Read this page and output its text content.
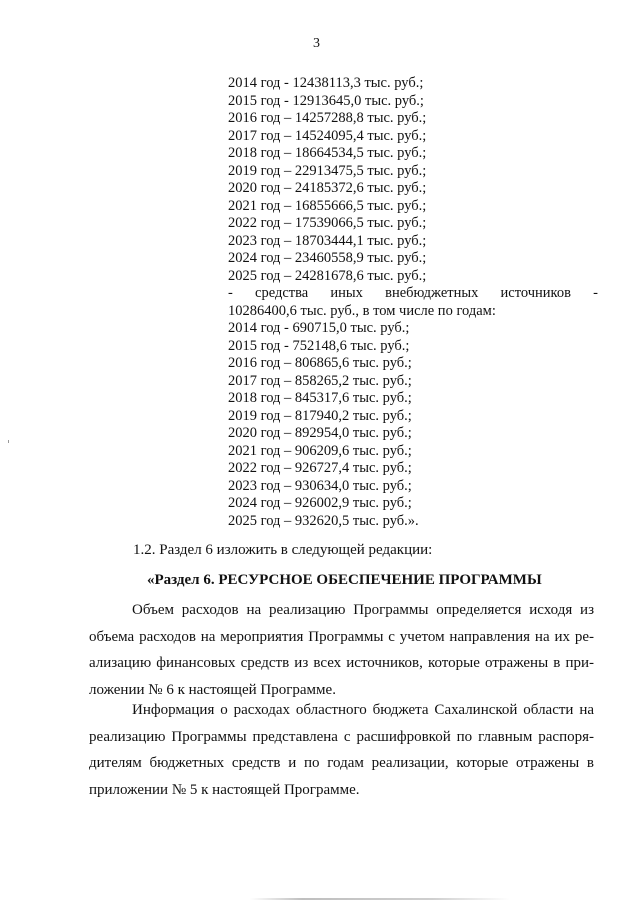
3
2014 год - 12438113,3 тыс. руб.;
2015 год - 12913645,0 тыс. руб.;
2016 год – 14257288,8 тыс. руб.;
2017 год – 14524095,4 тыс. руб.;
2018 год – 18664534,5 тыс. руб.;
2019 год – 22913475,5 тыс. руб.;
2020 год – 24185372,6 тыс. руб.;
2021 год – 16855666,5 тыс. руб.;
2022 год – 17539066,5 тыс. руб.;
2023 год – 18703444,1 тыс. руб.;
2024 год – 23460558,9 тыс. руб.;
2025 год – 24281678,6 тыс. руб.;
- средства иных внебюджетных источников -
10286400,6 тыс. руб., в том числе по годам:
2014 год - 690715,0 тыс. руб.;
2015 год - 752148,6 тыс. руб.;
2016 год – 806865,6 тыс. руб.;
2017 год – 858265,2 тыс. руб.;
2018 год – 845317,6 тыс. руб.;
2019 год – 817940,2 тыс. руб.;
2020 год – 892954,0 тыс. руб.;
2021 год – 906209,6 тыс. руб.;
2022 год – 926727,4 тыс. руб.;
2023 год – 930634,0 тыс. руб.;
2024 год – 926002,9 тыс. руб.;
2025 год – 932620,5 тыс. руб.».
1.2. Раздел 6 изложить в следующей редакции:
«Раздел 6. РЕСУРСНОЕ ОБЕСПЕЧЕНИЕ ПРОГРАММЫ
Объем расходов на реализацию Программы определяется исходя из
объема расходов на мероприятия Программы с учетом направления на их ре-
ализацию финансовых средств из всех источников, которые отражены в при-
ложении № 6 к настоящей Программе.
Информация о расходах областного бюджета Сахалинской области на
реализацию Программы представлена с расшифровкой по главным распоря-
дителям бюджетных средств и по годам реализации, которые отражены в
приложении № 5 к настоящей Программе.
